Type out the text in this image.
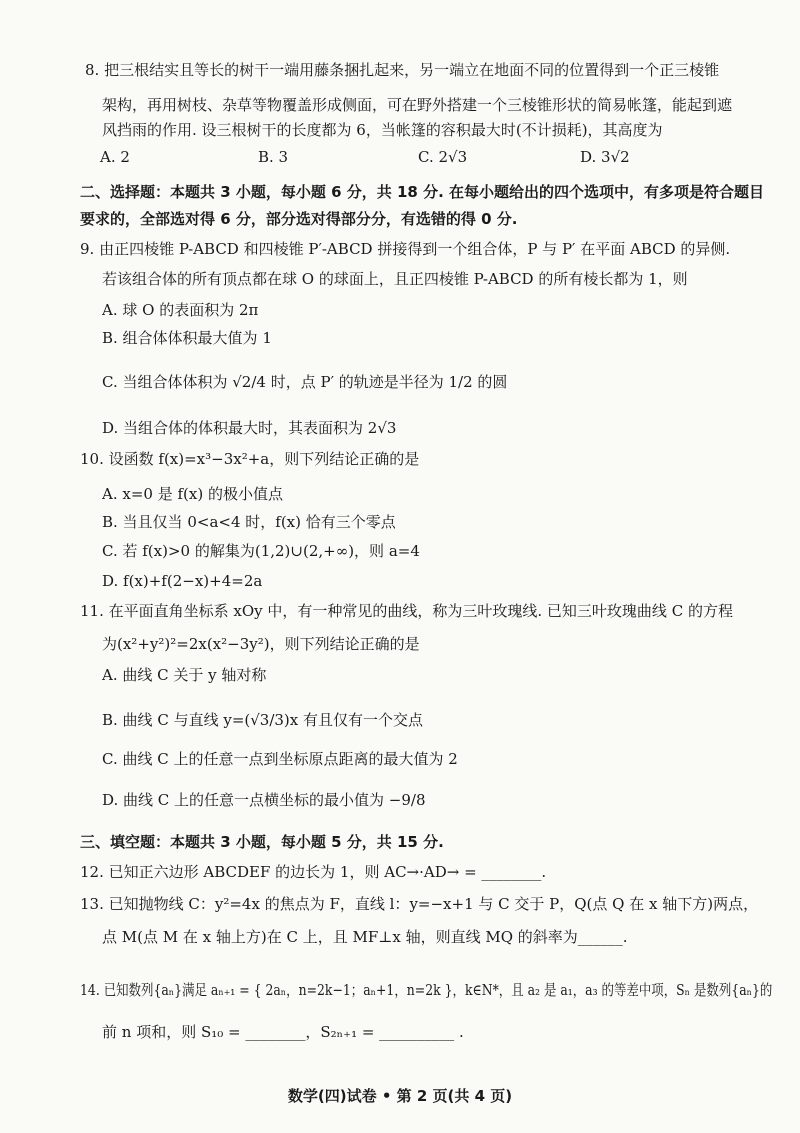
8. 把三根结实且等长的树干一端用藤条捆扎起来，另一端立在地面不同的位置得到一个正三棱锥
架构，再用树枝、杂草等物覆盖形成侧面，可在野外搭建一个三棱锥形状的简易帐篷，能起到遮
风挡雨的作用. 设三根树干的长度都为 6，当帐篷的容积最大时(不计损耗)，其高度为
A. 2	B. 3	C. 2√3	D. 3√2
二、选择题：本题共 3 小题，每小题 6 分，共 18 分. 在每小题给出的四个选项中，有多项是符合题目
要求的，全部选对得 6 分，部分选对得部分分，有选错的得 0 分.
9. 由正四棱锥 P-ABCD 和四棱锥 P′-ABCD 拼接得到一个组合体，P 与 P′ 在平面 ABCD 的异侧.
若该组合体的所有顶点都在球 O 的球面上，且正四棱锥 P-ABCD 的所有棱长都为 1，则
A. 球 O 的表面积为 2π
B. 组合体体积最大值为 1
C. 当组合体体积为 √2/4 时，点 P′ 的轨迹是半径为 1/2 的圆
D. 当组合体的体积最大时，其表面积为 2√3
10. 设函数 f(x)=x³−3x²+a，则下列结论正确的是
A. x=0 是 f(x) 的极小值点
B. 当且仅当 0<a<4 时，f(x) 恰有三个零点
C. 若 f(x)>0 的解集为(1,2)∪(2,+∞)，则 a=4
D. f(x)+f(2−x)+4=2a
11. 在平面直角坐标系 xOy 中，有一种常见的曲线，称为三叶玫瑰线. 已知三叶玫瑰曲线 C 的方程
为(x²+y²)²=2x(x²−3y²)，则下列结论正确的是
A. 曲线 C 关于 y 轴对称
B. 曲线 C 与直线 y=(√3/3)x 有且仅有一个交点
C. 曲线 C 上的任意一点到坐标原点距离的最大值为 2
D. 曲线 C 上的任意一点横坐标的最小值为 −9/8
三、填空题：本题共 3 小题，每小题 5 分，共 15 分.
12. 已知正六边形 ABCDEF 的边长为 1，则 AC→·AD→ = ________.
13. 已知抛物线 C：y²=4x 的焦点为 F，直线 l：y=−x+1 与 C 交于 P，Q(点 Q 在 x 轴下方)两点，
点 M(点 M 在 x 轴上方)在 C 上，且 MF⊥x 轴，则直线 MQ 的斜率为______.
14. 已知数列{aₙ}满足 aₙ₊₁ = { 2aₙ，n=2k−1；aₙ+1，n=2k }，k∈N*，且 a₂ 是 a₁，a₃ 的等差中项，Sₙ 是数列{aₙ}的
前 n 项和，则 S₁₀ = ________，S₂ₙ₊₁ = __________ .
数学(四)试卷 • 第 2 页(共 4 页)
